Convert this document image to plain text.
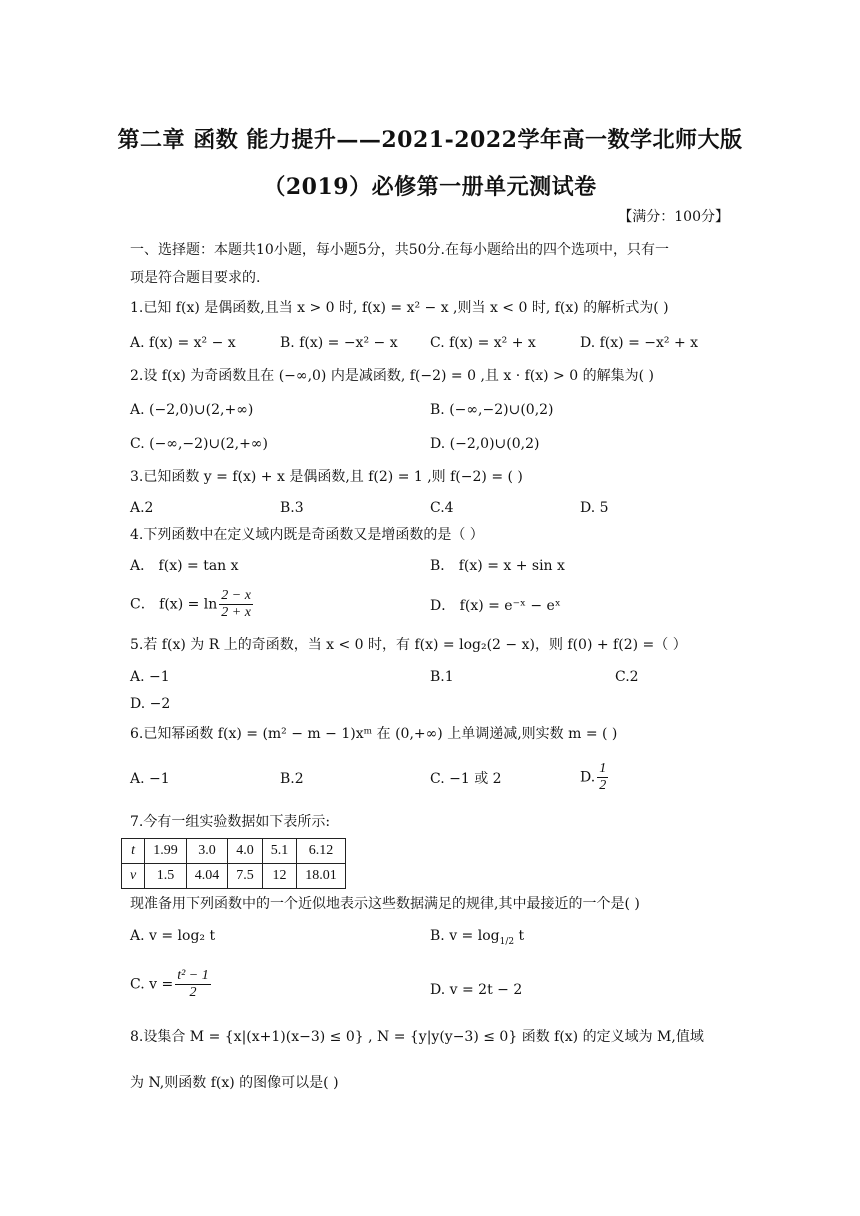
第二章 函数 能力提升——2021-2022学年高一数学北师大版
（2019）必修第一册单元测试卷
【满分：100分】
一、选择题：本题共10小题，每小题5分，共50分.在每小题给出的四个选项中，只有一
项是符合题目要求的.
1.已知 f(x) 是偶函数,且当 x > 0 时, f(x) = x² − x ,则当 x < 0 时, f(x) 的解析式为( )
A. f(x) = x² − x	B. f(x) = −x² − x C. f(x) = x² + x	D. f(x) = −x² + x
2.设 f(x) 为奇函数且在 (−∞,0) 内是减函数, f(−2) = 0 ,且 x · f(x) > 0 的解集为( )
A. (−2,0)∪(2,+∞)	B. (−∞,−2)∪(0,2)
C. (−∞,−2)∪(2,+∞)	D. (−2,0)∪(0,2)
3.已知函数 y = f(x) + x 是偶函数,且 f(2) = 1 ,则 f(−2) = ( )
A.2	B.3	C.4	D. 5
4.下列函数中在定义域内既是奇函数又是增函数的是（ ）
A． f(x) = tan x	B． f(x) = x + sin x
C． $f(x) = \ln \frac{2 - x}{2 + x}$	D． f(x) = e⁻ˣ − eˣ
5.若 f(x) 为 R 上的奇函数，当 x < 0 时，有 f(x) = log₂(2 − x)，则 f(0) + f(2) =（ ）
A. −1	B.1	C.2
D. −2
6.已知幂函数 f(x) = (m² − m − 1)xᵐ 在 (0,+∞) 上单调递减,则实数 m = ( )
A. −1	B.2	C. −1 或 2	D. $\frac{1}{2}$
7.今有一组实验数据如下表所示:
t	1.99	3.0	4.0	5.1	6.12
v	1.5	4.04	7.5	12	18.01
现准备用下列函数中的一个近似地表示这些数据满足的规律,其中最接近的一个是( )
A. v = log₂ t	B. $v = \log_{1/2} t$
C. $v = \frac{\text{t² − 1}}{2}$	D. v = 2t − 2
8.设集合 M = {x|(x+1)(x−3) ≤ 0} , N = {y|y(y−3) ≤ 0} 函数 f(x) 的定义域为 M,值域
为 N,则函数 f(x) 的图像可以是( )
